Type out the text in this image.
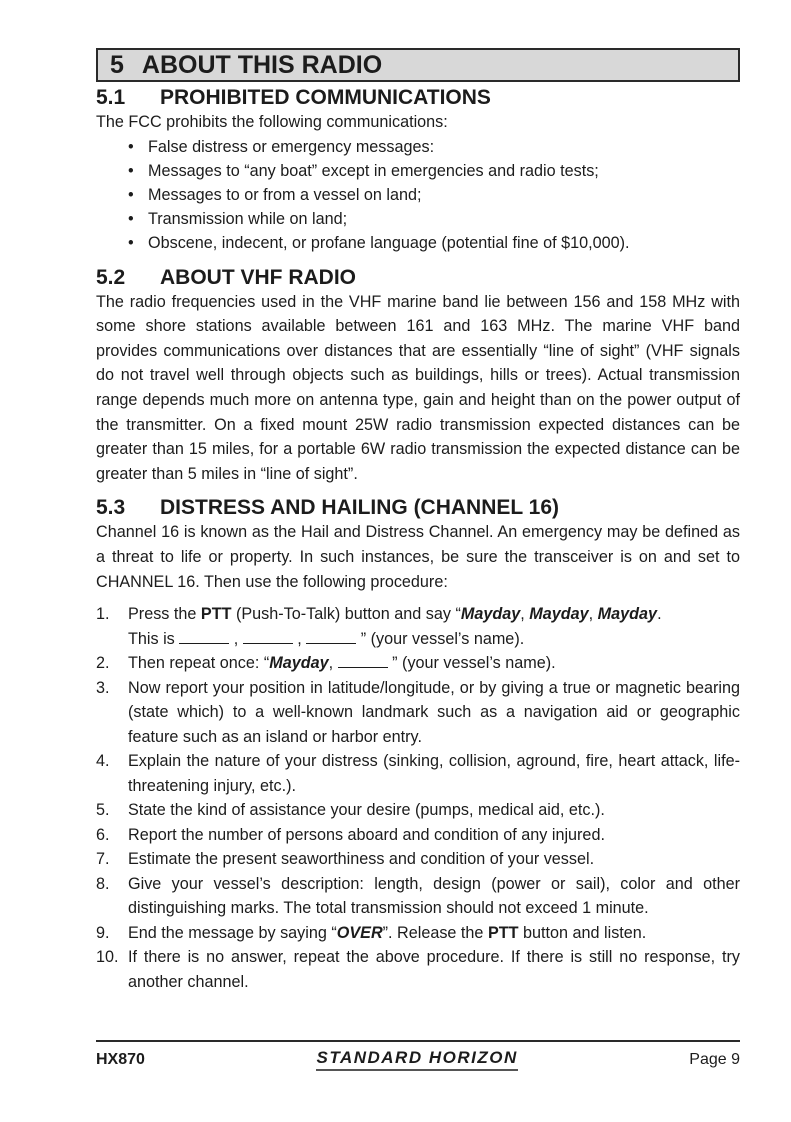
5 ABOUT THIS RADIO
5.1	PROHIBITED COMMUNICATIONS

The FCC prohibits the following communications:

• False distress or emergency messages:
• Messages to “any boat” except in emergencies and radio tests;
• Messages to or from a vessel on land;
• Transmission while on land;
• Obscene, indecent, or profane language (potential fine of $10,000).
5.2	ABOUT VHF RADIO

The radio frequencies used in the VHF marine band lie between 156 and 158 MHz with some shore stations available between 161 and 163 MHz. The marine VHF band provides communications over distances that are essentially “line of sight” (VHF signals do not travel well through objects such as buildings, hills or trees). Actual transmission range depends much more on antenna type, gain and height than on the power output of the transmitter. On a fixed mount 25W radio transmission expected distances can be greater than 15 miles, for a portable 6W radio transmission the expected distance can be greater than 5 miles in “line of sight”.

5.3	DISTRESS AND HAILING (CHANNEL 16)

Channel 16 is known as the Hail and Distress Channel. An emergency may be defined as a threat to life or property. In such instances, be sure the transceiver is on and set to CHANNEL 16. Then use the following procedure:

1. Press the PTT (Push-To-Talk) button and say “Mayday, Mayday, Mayday.
This is	,	,	” (your vessel’s name).
2. Then repeat once: “Mayday,	” (your vessel’s name).
3. Now report your position in latitude/longitude, or by giving a true or magnetic bearing (state which) to a well-known landmark such as a navigation aid or geographic feature such as an island or harbor entry.
4. Explain the nature of your distress (sinking, collision, aground, fire, heart attack, life-threatening injury, etc.).
5. State the kind of assistance your desire (pumps, medical aid, etc.).
6. Report the number of persons aboard and condition of any injured.
7. Estimate the present seaworthiness and condition of your vessel.
8. Give your vessel’s description: length, design (power or sail), color and other distinguishing marks. The total transmission should not exceed 1 minute.
9. End the message by saying “OVER”. Release the PTT button and listen.
10. If there is no answer, repeat the above procedure. If there is still no response, try another channel.
HX870	STANDARD HORIZON	Page 9
